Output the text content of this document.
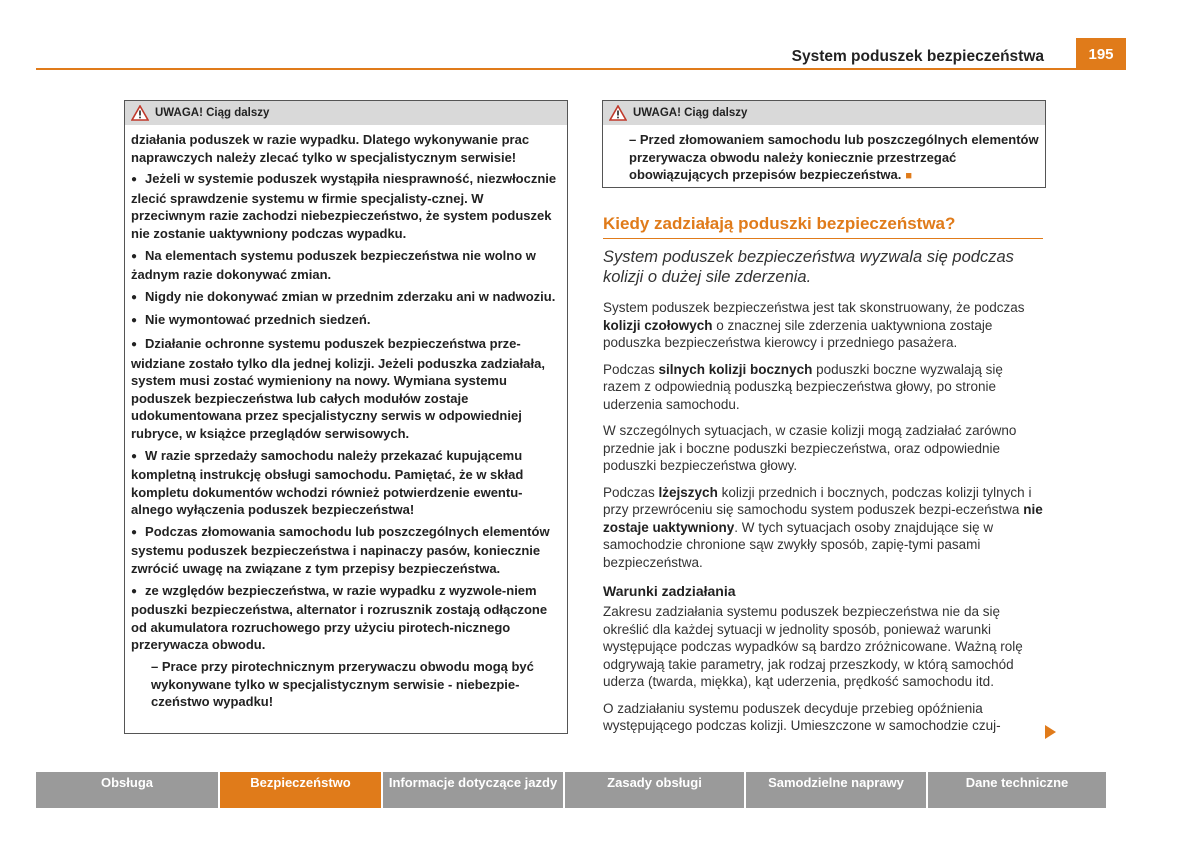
System poduszek bezpieczeństwa	195
UWAGA! Ciąg dalszy

działania poduszek w razie wypadku. Dlatego wykonywanie prac naprawczych należy zlecać tylko w specjalistycznym serwisie!

● Jeżeli w systemie poduszek wystąpiła niesprawność, niezwłocznie zlecić sprawdzenie systemu w firmie specjalisty-cznej. W przeciwnym razie zachodzi niebezpieczeństwo, że system poduszek nie zostanie uaktywniony podczas wypadku.

● Na elementach systemu poduszek bezpieczeństwa nie wolno w żadnym razie dokonywać zmian.

● Nigdy nie dokonywać zmian w przednim zderzaku ani w nadwoziu.

● Nie wymontować przednich siedzeń.

● Działanie ochronne systemu poduszek bezpieczeństwa prze-widziane zostało tylko dla jednej kolizji. Jeżeli poduszka zadziałała, system musi zostać wymieniony na nowy. Wymiana systemu poduszek bezpieczeństwa lub całych modułów zostaje udokumentowana przez specjalistyczny serwis w odpowiedniej rubryce, w książce przeglądów serwisowych.

● W razie sprzedaży samochodu należy przekazać kupującemu kompletną instrukcję obsługi samochodu. Pamiętać, że w skład kompletu dokumentów wchodzi również potwierdzenie ewentu-alnego wyłączenia poduszek bezpieczeństwa!

● Podczas złomowania samochodu lub poszczególnych elementów systemu poduszek bezpieczeństwa i napinaczy pasów, koniecznie zwrócić uwagę na związane z tym przepisy bezpieczeństwa.

● ze względów bezpieczeństwa, w razie wypadku z wyzwole-niem poduszki bezpieczeństwa, alternator i rozrusznik zostają odłączone od akumulatora rozruchowego przy użyciu pirotech-nicznego przerywacza obwodu.

– Prace przy pirotechnicznym przerywaczu obwodu mogą być wykonywane tylko w specjalistycznym serwisie - niebezpie-czeństwo wypadku!

UWAGA! Ciąg dalszy

– Przed złomowaniem samochodu lub poszczególnych elementów przerywacza obwodu należy koniecznie przestrzegać obowiązujących przepisów bezpieczeństwa. ■

Kiedy zadziałają poduszki bezpieczeństwa?
System poduszek bezpieczeństwa wyzwala się podczas kolizji o dużej sile zderzenia.

System poduszek bezpieczeństwa jest tak skonstruowany, że podczas kolizji czołowych o znacznej sile zderzenia uaktywniona zostaje poduszka bezpieczeństwa kierowcy i przedniego pasażera.

Podczas silnych kolizji bocznych poduszki boczne wyzwalają się razem z odpowiednią poduszką bezpieczeństwa głowy, po stronie uderzenia samochodu.

W szczególnych sytuacjach, w czasie kolizji mogą zadziałać zarówno przednie jak i boczne poduszki bezpieczeństwa, oraz odpowiednie poduszki bezpieczeństwa głowy.

Podczas lżejszych kolizji przednich i bocznych, podczas kolizji tylnych i przy przewróceniu się samochodu system poduszek bezpi-eczeństwa nie zostaje uaktywniony. W tych sytuacjach osoby znajdujące się w samochodzie chronione sąw zwykły sposób, zapię-tymi pasami bezpieczeństwa.

Warunki zadziałania

Zakresu zadziałania systemu poduszek bezpieczeństwa nie da się określić dla każdej sytuacji w jednolity sposób, ponieważ warunki występujące podczas wypadków są bardzo zróżnicowane. Ważną rolę odgrywają takie parametry, jak rodzaj przeszkody, w którą samochód uderza (twarda, miękka), kąt uderzenia, prędkość samochodu itd.

O zadziałaniu systemu poduszek decyduje przebieg opóźnienia występującego podczas kolizji. Umieszczone w samochodzie czuj-

Obsługa	Bezpieczeństwo	Informacje dotyczące jazdy	Zasady obsługi	Samodzielne naprawy	Dane techniczne
